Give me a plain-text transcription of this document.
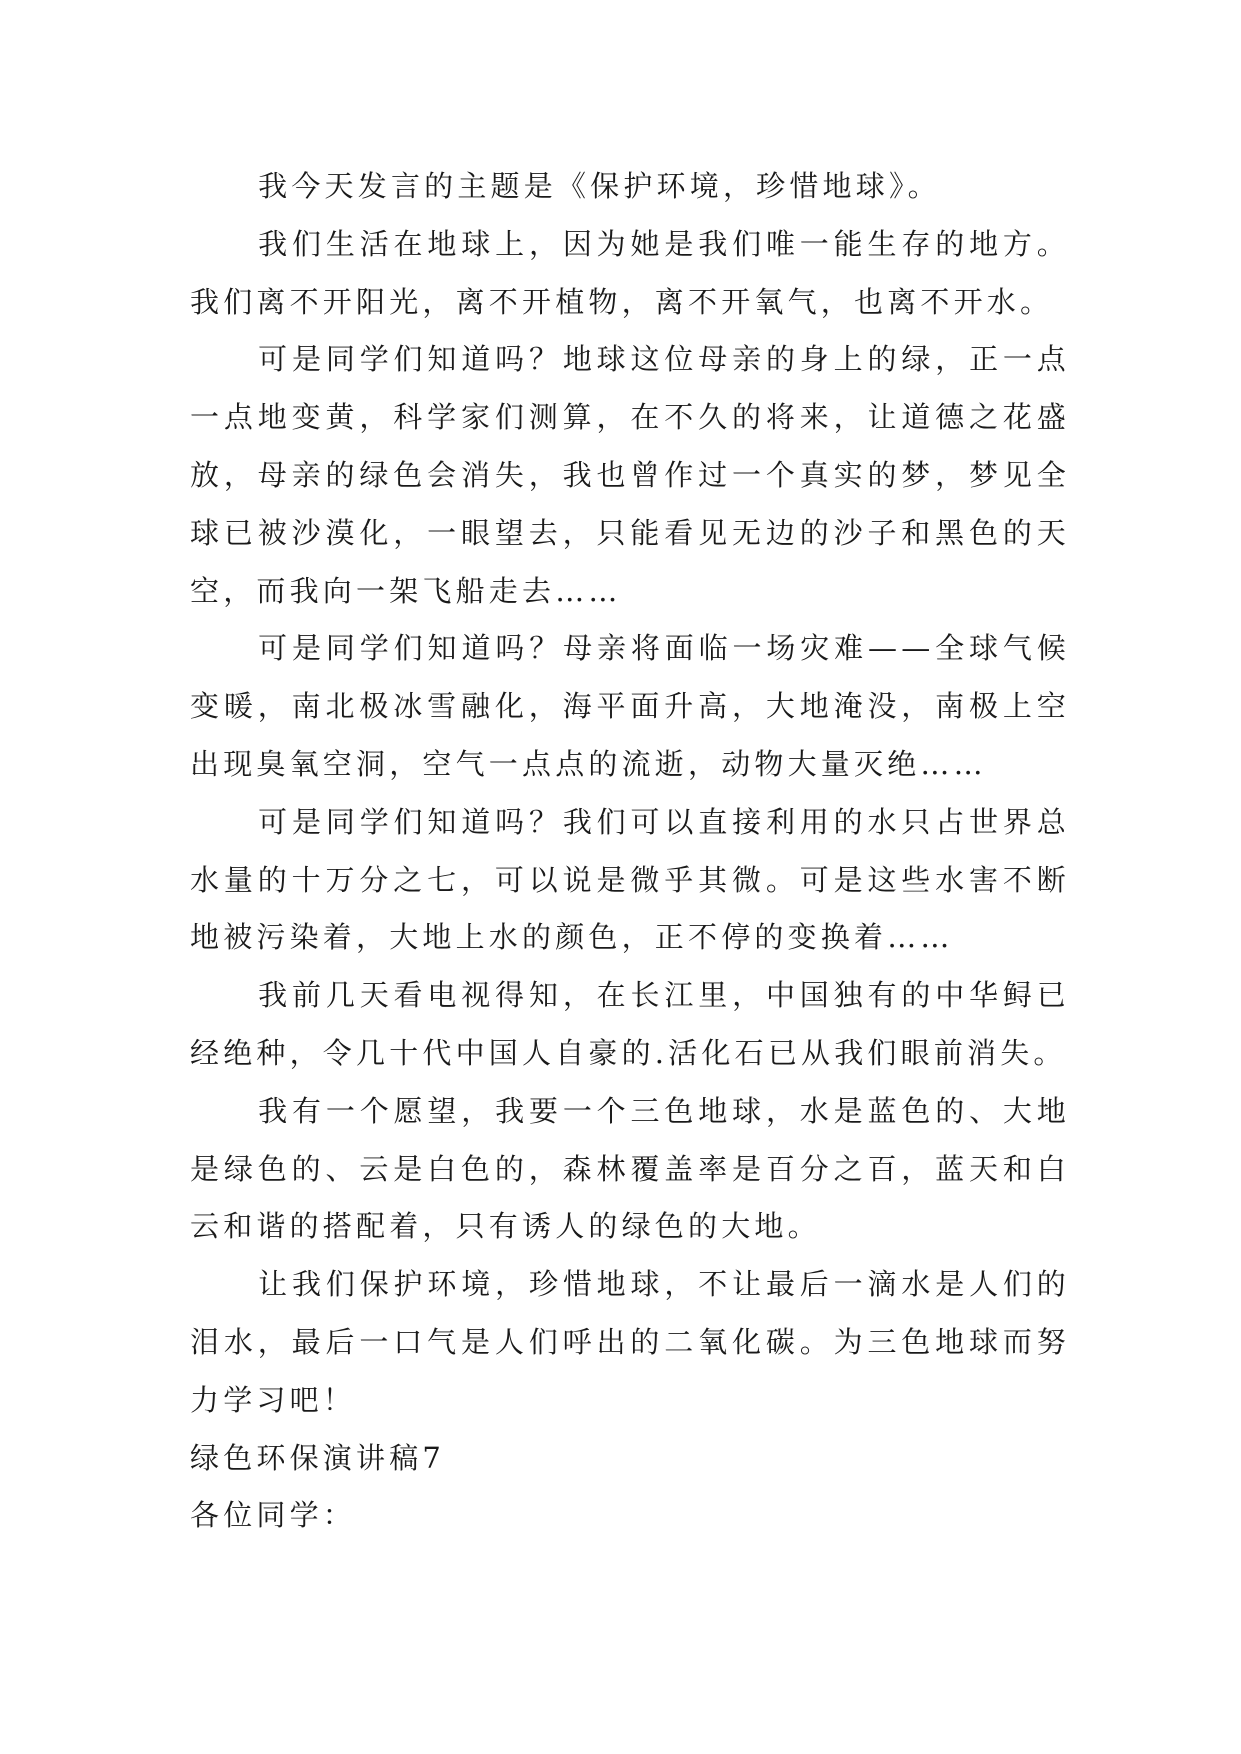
我今天发言的主题是《保护环境，珍惜地球》。

我们生活在地球上，因为她是我们唯一能生存的地方。我们离不开阳光，离不开植物，离不开氧气，也离不开水。

可是同学们知道吗？地球这位母亲的身上的绿，正一点一点地变黄，科学家们测算，在不久的将来，让道德之花盛放，母亲的绿色会消失，我也曾作过一个真实的梦，梦见全球已被沙漠化，一眼望去，只能看见无边的沙子和黑色的天空，而我向一架飞船走去……

可是同学们知道吗？母亲将面临一场灾难——全球气候变暖，南北极冰雪融化，海平面升高，大地淹没，南极上空出现臭氧空洞，空气一点点的流逝，动物大量灭绝……

可是同学们知道吗？我们可以直接利用的水只占世界总水量的十万分之七，可以说是微乎其微。可是这些水害不断地被污染着，大地上水的颜色，正不停的变换着……

我前几天看电视得知，在长江里，中国独有的中华鲟已经绝种，令几十代中国人自豪的.活化石已从我们眼前消失。

我有一个愿望，我要一个三色地球，水是蓝色的、大地是绿色的、云是白色的，森林覆盖率是百分之百，蓝天和白云和谐的搭配着，只有诱人的绿色的大地。

让我们保护环境，珍惜地球，不让最后一滴水是人们的泪水，最后一口气是人们呼出的二氧化碳。为三色地球而努力学习吧！

绿色环保演讲稿7

各位同学：
